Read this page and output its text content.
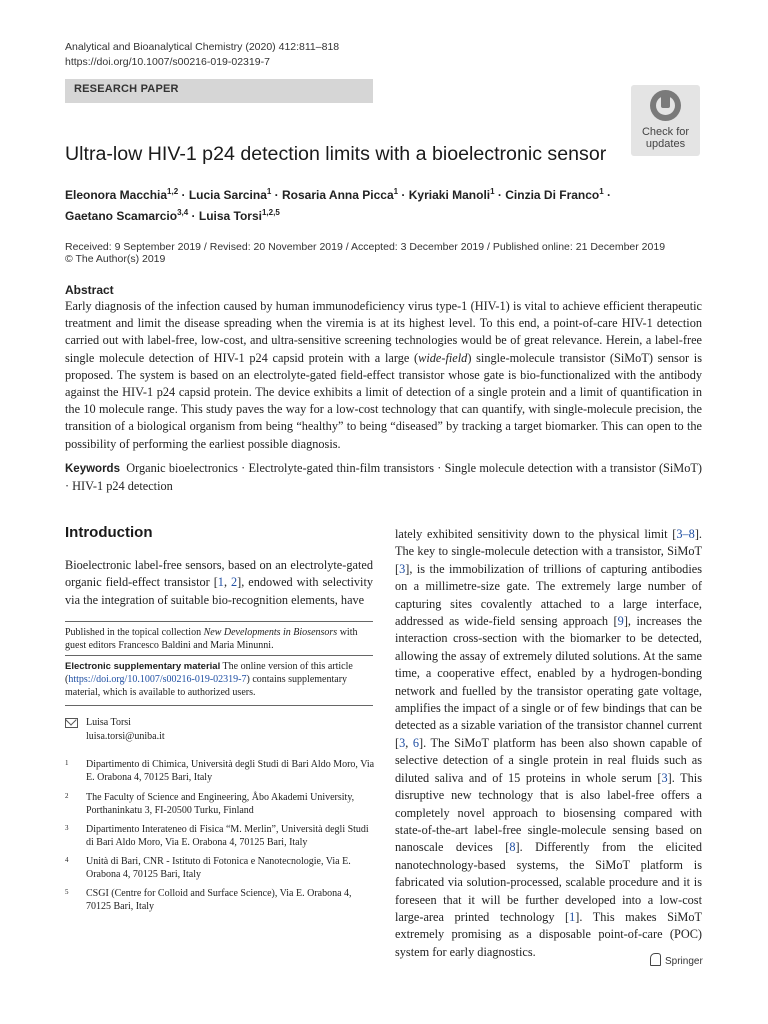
Analytical and Bioanalytical Chemistry (2020) 412:811–818
https://doi.org/10.1007/s00216-019-02319-7
RESEARCH PAPER
Check for
updates
Ultra-low HIV-1 p24 detection limits with a bioelectronic sensor
Eleonora Macchia$^{1,2}$ · Lucia Sarcina$^1$ · Rosaria Anna Picca$^1$ · Kyriaki Manoli$^1$ · Cinzia Di Franco$^1$ ·
Gaetano Scamarcio$^{3,4}$ · Luisa Torsi$^{1,2,5}$
Received: 9 September 2019 / Revised: 20 November 2019 / Accepted: 3 December 2019 / Published online: 21 December 2019
© The Author(s) 2019
Abstract
Early diagnosis of the infection caused by human immunodeficiency virus type-1 (HIV-1) is vital to achieve efficient therapeutic treatment and limit the disease spreading when the viremia is at its highest level. To this end, a point-of-care HIV-1 detection carried out with label-free, low-cost, and ultra-sensitive screening technologies would be of great relevance. Herein, a label-free single molecule detection of HIV-1 p24 capsid protein with a large (wide-field) single-molecule transistor (SiMoT) sensor is proposed. The system is based on an electrolyte-gated field-effect transistor whose gate is bio-functionalized with the antibody against the HIV-1 p24 capsid protein. The device exhibits a limit of detection of a single protein and a limit of quantification in the 10 molecule range. This study paves the way for a low-cost technology that can quantify, with single-molecule precision, the transition of a biological organism from being “healthy” to being “diseased” by tracking a target biomarker. This can open to the possibility of performing the earliest possible diagnosis.
Keywords Organic bioelectronics · Electrolyte-gated thin-film transistors · Single molecule detection with a transistor (SiMoT) · HIV-1 p24 detection
Introduction
Bioelectronic label-free sensors, based on an electrolyte-gated organic field-effect transistor [1, 2], endowed with selectivity via the integration of suitable bio-recognition elements, have
lately exhibited sensitivity down to the physical limit [3–8]. The key to single-molecule detection with a transistor, SiMoT [3], is the immobilization of trillions of capturing antibodies on a millimetre-size gate. The extremely large number of capturing sites covalently attached to a large interface, addressed as wide-field sensing approach [9], increases the interaction cross-section with the biomarker to be detected, allowing the assay of extremely diluted solutions. At the same time, a cooperative effect, enabled by a hydrogen-bonding network and fuelled by the transistor operating gate voltage, amplifies the impact of a single or of few bindings that can be detected as a sizable variation of the transistor channel current [3, 6]. The SiMoT platform has been also shown capable of selective detection of a single protein in real fluids such as diluted saliva and of 15 proteins in whole serum [3]. This disruptive new technology that is also label-free offers a completely novel approach to biosensing compared with state-of-the-art label-free single-molecule sensing based on nanoscale devices [8]. Differently from the elicited nanotechnology-based systems, the SiMoT platform is fabricated via solution-processed, scalable procedure and it is foreseen that it will be further developed into a low-cost large-area printed technology [1]. This makes SiMoT extremely promising as a disposable point-of-care (POC) system for early diagnostics.
Published in the topical collection New Developments in Biosensors with guest editors Francesco Baldini and Maria Minunni.
Electronic supplementary material The online version of this article (https://doi.org/10.1007/s00216-019-02319-7) contains supplementary material, which is available to authorized users.
Luisa Torsi
luisa.torsi@uniba.it
1 Dipartimento di Chimica, Università degli Studi di Bari Aldo Moro, Via E. Orabona 4, 70125 Bari, Italy
2 The Faculty of Science and Engineering, Åbo Akademi University, Porthaninkatu 3, FI-20500 Turku, Finland
3 Dipartimento Interateneo di Fisica “M. Merlin”, Università degli Studi di Bari Aldo Moro, Via E. Orabona 4, 70125 Bari, Italy
4 Unità di Bari, CNR - Istituto di Fotonica e Nanotecnologie, Via E. Orabona 4, 70125 Bari, Italy
5 CSGI (Centre for Colloid and Surface Science), Via E. Orabona 4, 70125 Bari, Italy
Springer
